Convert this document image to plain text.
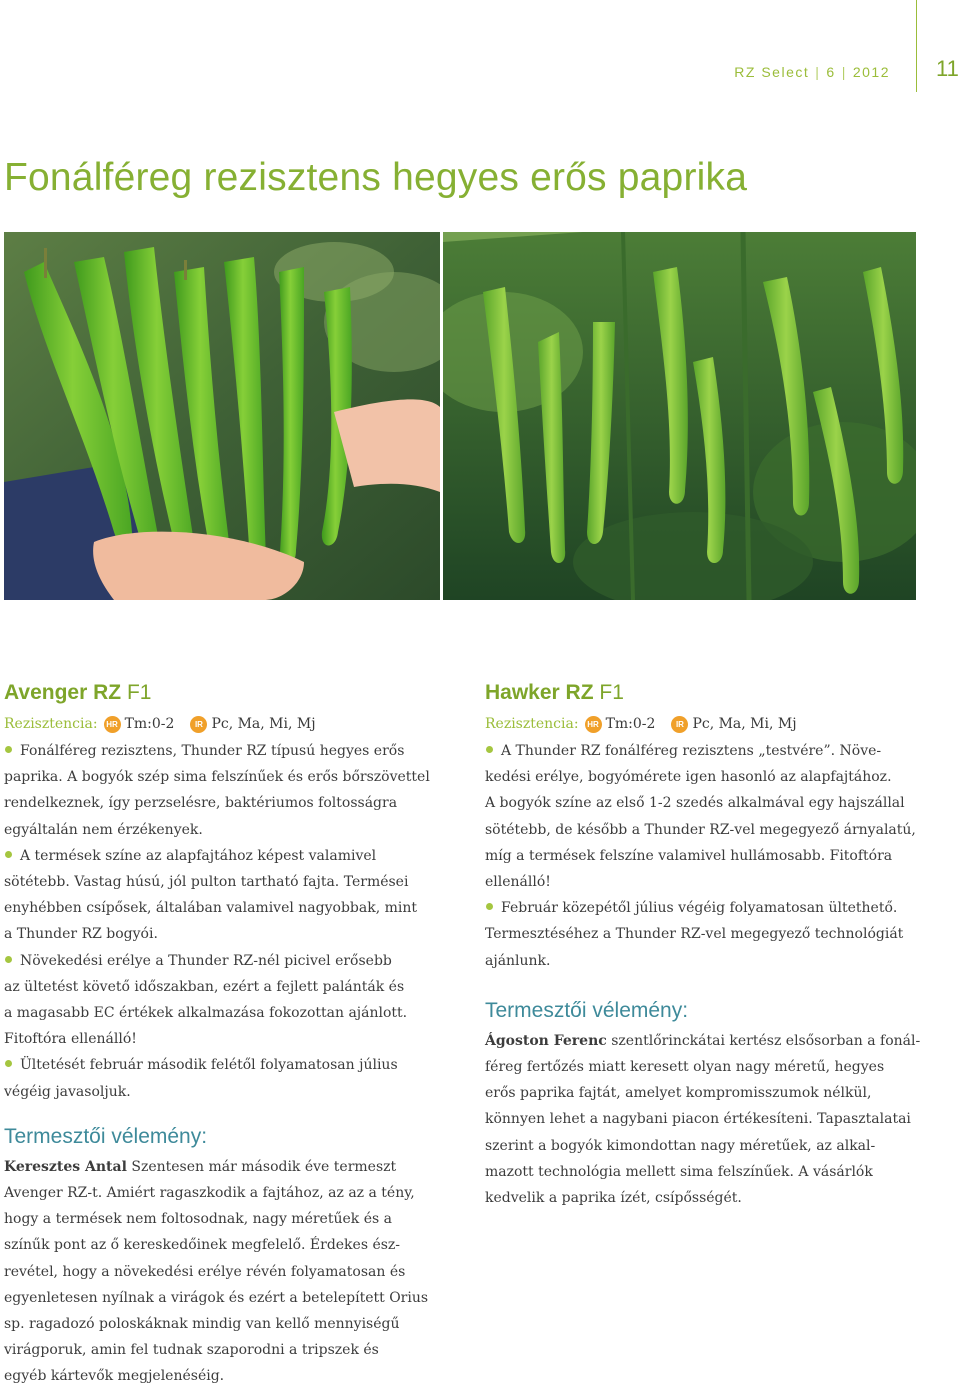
RZ Select | 6 | 2012 11
Fonálféreg rezisztens hegyes erős paprika
Avenger RZ F1
Rezisztencia: HR Tm:0-2	IR Pc, Ma, Mi, Mj

Fonálféreg rezisztens, Thunder RZ típusú hegyes erős

paprika. A bogyók szép sima felszínűek és erős bőrszövettel

rendelkeznek, így perzselésre, baktériumos foltosságra

egyáltalán nem érzékenyek.

A termések színe az alapfajtához képest valamivel

sötétebb. Vastag húsú, jól pulton tartható fajta. Termései

enyhébben csípősek, általában valamivel nagyobbak, mint

a Thunder RZ bogyói.

Növekedési erélye a Thunder RZ-nél picivel erősebb

az ültetést követő időszakban, ezért a fejlett palánták és

a magasabb EC értékek alkalmazása fokozottan ajánlott.

Fitoftóra ellenálló!

Ültetését február második felétől folyamatosan július

végéig javasoljuk.

Termesztői vélemény:

Keresztes Antal Szentesen már második éve termeszt

Avenger RZ-t. Amiért ragaszkodik a fajtához, az az a tény,

hogy a termések nem foltosodnak, nagy méretűek és a

színűk pont az ő kereskedőinek megfelelő. Érdekes ész-

revétel, hogy a növekedési erélye révén folyamatosan és

egyenletesen nyílnak a virágok és ezért a betelepített Orius

sp. ragadozó poloskáknak mindig van kellő mennyiségű

virágporuk, amin fel tudnak szaporodni a tripszek és

egyéb kártevők megjelenéséig.

Hawker RZ F1
Rezisztencia: HR Tm:0-2	IR Pc, Ma, Mi, Mj

A Thunder RZ fonálféreg rezisztens „testvére”. Növe-

kedési erélye, bogyómérete igen hasonló az alapfajtához.

A bogyók színe az első 1-2 szedés alkalmával egy hajszállal

sötétebb, de később a Thunder RZ-vel megegyező árnyalatú,

míg a termések felszíne valamivel hullámosabb. Fitoftóra

ellenálló!

Február közepétől július végéig folyamatosan ültethető.

Termesztéséhez a Thunder RZ-vel megegyező technológiát

ajánlunk.

Termesztői vélemény:

Ágoston Ferenc szentlőrinckátai kertész elsősorban a fonál-

féreg fertőzés miatt keresett olyan nagy méretű, hegyes

erős paprika fajtát, amelyet kompromisszumok nélkül,

könnyen lehet a nagybani piacon értékesíteni. Tapasztalatai

szerint a bogyók kimondottan nagy méretűek, az alkal-

mazott technológia mellett sima felszínűek. A vásárlók

kedvelik a paprika ízét, csípősségét.
